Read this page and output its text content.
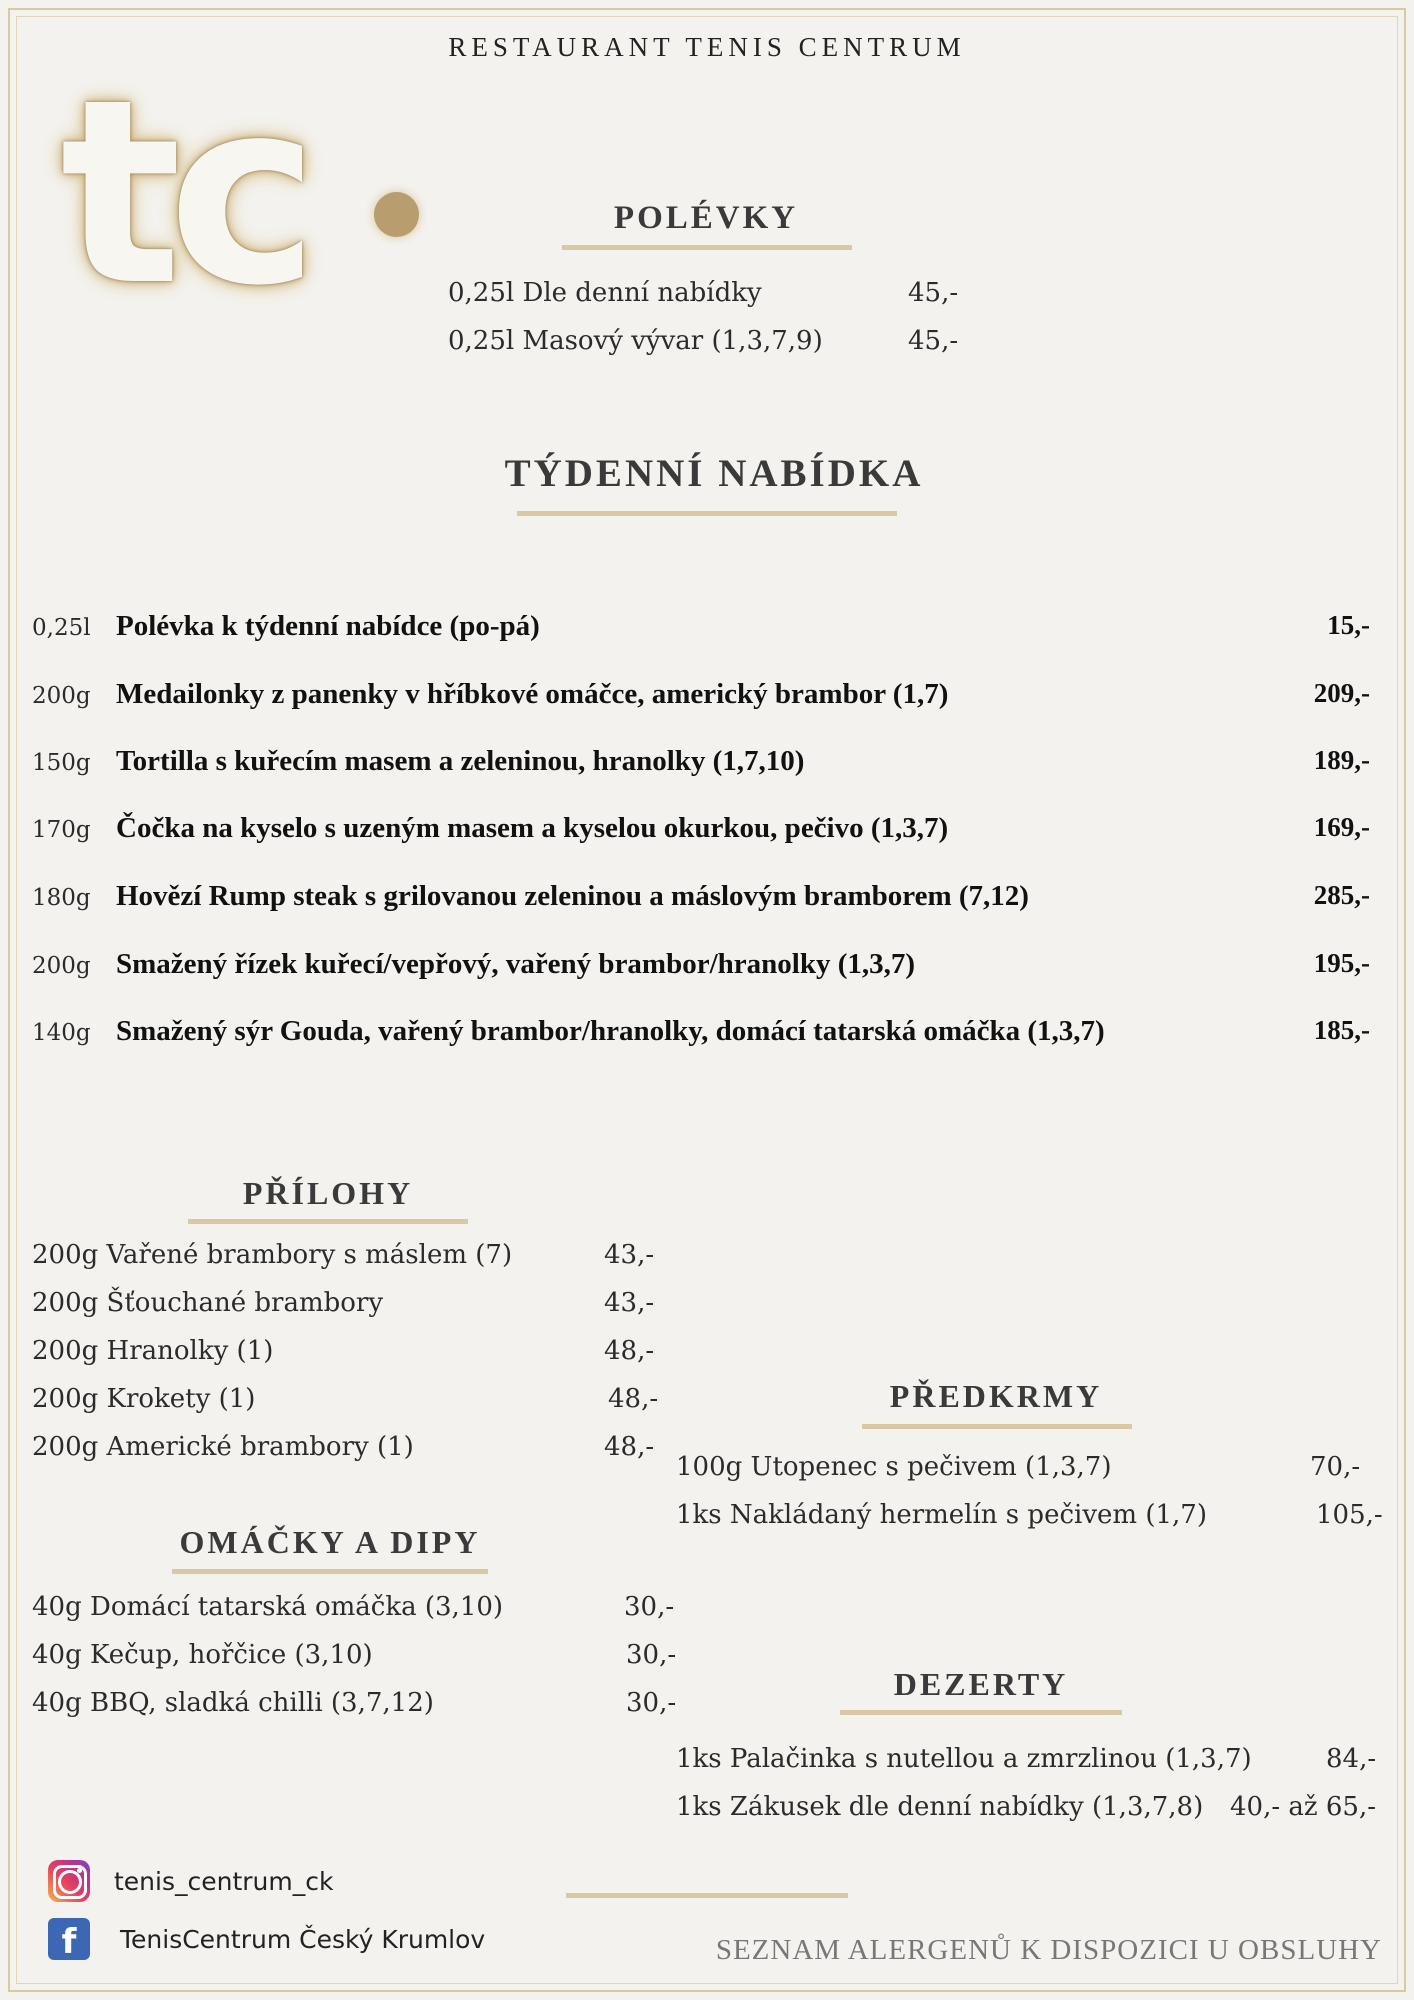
RESTAURANT TENIS CENTRUM
tc	POLÉVKY
0,25l Dle denní nabídky	45,-
0,25l Masový vývar (1,3,7,9)	45,-
TÝDENNÍ NABÍDKA
0,25l Polévka k týdenní nabídce (po-pá)	15,-
200g Medailonky z panenky v hříbkové omáčce, americký brambor (1,7)	209,-
150g Tortilla s kuřecím masem a zeleninou, hranolky (1,7,10)	189,-
170g Čočka na kyselo s uzeným masem a kyselou okurkou, pečivo (1,3,7)	169,-
180g Hovězí Rump steak s grilovanou zeleninou a máslovým bramborem (7,12)	285,-
200g Smažený řízek kuřecí/vepřový, vařený brambor/hranolky (1,3,7)	195,-
140g Smažený sýr Gouda, vařený brambor/hranolky, domácí tatarská omáčka (1,3,7)	185,-
PŘÍLOHY
200g Vařené brambory s máslem (7)	43,-
200g Šťouchané brambory	43,-
200g Hranolky (1)	48,-
200g Krokety (1)	48,-
200g Americké brambory (1)	48,-
OMÁČKY A DIPY
40g Domácí tatarská omáčka (3,10)	30,-
40g Kečup, hořčice (3,10)	30,-
40g BBQ, sladká chilli (3,7,12)	30,-
PŘEDKRMY
100g Utopenec s pečivem (1,3,7)	70,-
1ks Nakládaný hermelín s pečivem (1,7)	105,-
DEZERTY
1ks Palačinka s nutellou a zmrzlinou (1,3,7)	84,-
1ks Zákusek dle denní nabídky (1,3,7,8) 40,- až 65,-
tenis_centrum_ck
f	TenisCentrum Český Krumlov	SEZNAM ALERGENŮ K DISPOZICI U OBSLUHY
